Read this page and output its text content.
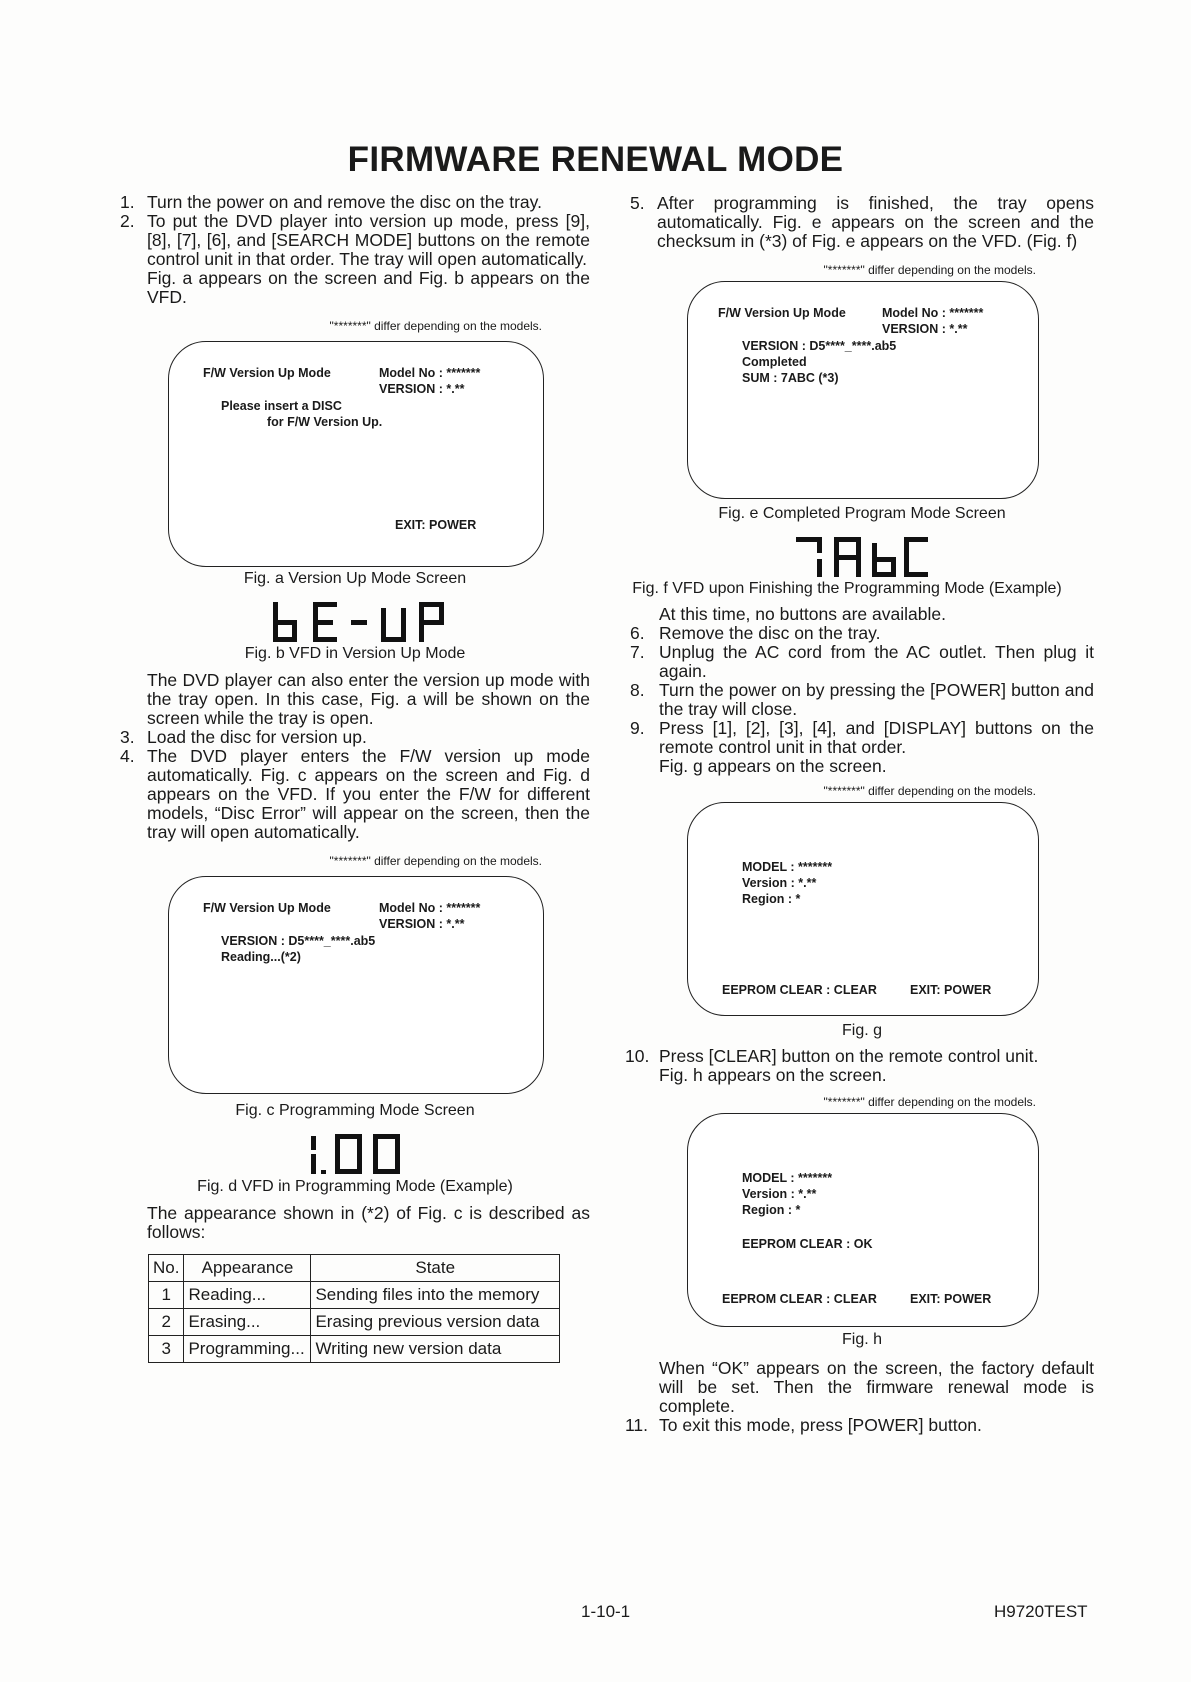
FIRMWARE RENEWAL MODE
1. Turn the power on and remove the disc on the tray.
2. To put the DVD player into version up mode, press [9], [8], [7], [6], and [SEARCH MODE] buttons on the remote control unit in that order. The tray will open automatically.
Fig. a appears on the screen and Fig. b appears on the VFD.
"*******" differ depending on the models.
F/W Version Up Mode	Model No : *******
VERSION : *.**
Please insert a DISC
for F/W Version Up.
EXIT: POWER
Fig. a Version Up Mode Screen
Fig. b VFD in Version Up Mode
The DVD player can also enter the version up mode with the tray open. In this case, Fig. a will be shown on the screen while the tray is open.
3. Load the disc for version up.
4. The DVD player enters the F/W version up mode automatically. Fig. c appears on the screen and Fig. d appears on the VFD. If you enter the F/W for different models, “Disc Error” will appear on the screen, then the tray will open automatically.
"*******" differ depending on the models.
F/W Version Up Mode	Model No : *******
VERSION : *.**
VERSION : D5****_****.ab5
Reading...(*2)
Fig. c Programming Mode Screen
Fig. d VFD in Programming Mode (Example)
The appearance shown in (*2) of Fig. c is described as follows:
No.	Appearance	State
1	Reading...	Sending files into the memory
2	Erasing...	Erasing previous version data
3	Programming...	Writing new version data
5. After programming is finished, the tray opens automatically. Fig. e appears on the screen and the checksum in (*3) of Fig. e appears on the VFD. (Fig. f)
"*******" differ depending on the models.
F/W Version Up Mode	Model No : *******
VERSION : *.**
VERSION : D5****_****.ab5
Completed
SUM : 7ABC (*3)
Fig. e Completed Program Mode Screen
Fig. f VFD upon Finishing the Programming Mode (Example)
At this time, no buttons are available.
6. Remove the disc on the tray.
7. Unplug the AC cord from the AC outlet. Then plug it again.
8. Turn the power on by pressing the [POWER] button and the tray will close.
9. Press [1], [2], [3], [4], and [DISPLAY] buttons on the remote control unit in that order.
Fig. g appears on the screen.
"*******" differ depending on the models.
MODEL : *******
Version : *.**
Region : *
EEPROM CLEAR : CLEAR	EXIT: POWER
Fig. g
10. Press [CLEAR] button on the remote control unit.
Fig. h appears on the screen.
"*******" differ depending on the models.
MODEL : *******
Version : *.**
Region : *
EEPROM CLEAR : OK
EEPROM CLEAR : CLEAR	EXIT: POWER
Fig. h
When “OK” appears on the screen, the factory default will be set. Then the firmware renewal mode is complete.
11. To exit this mode, press [POWER] button.
1-10-1	H9720TEST
